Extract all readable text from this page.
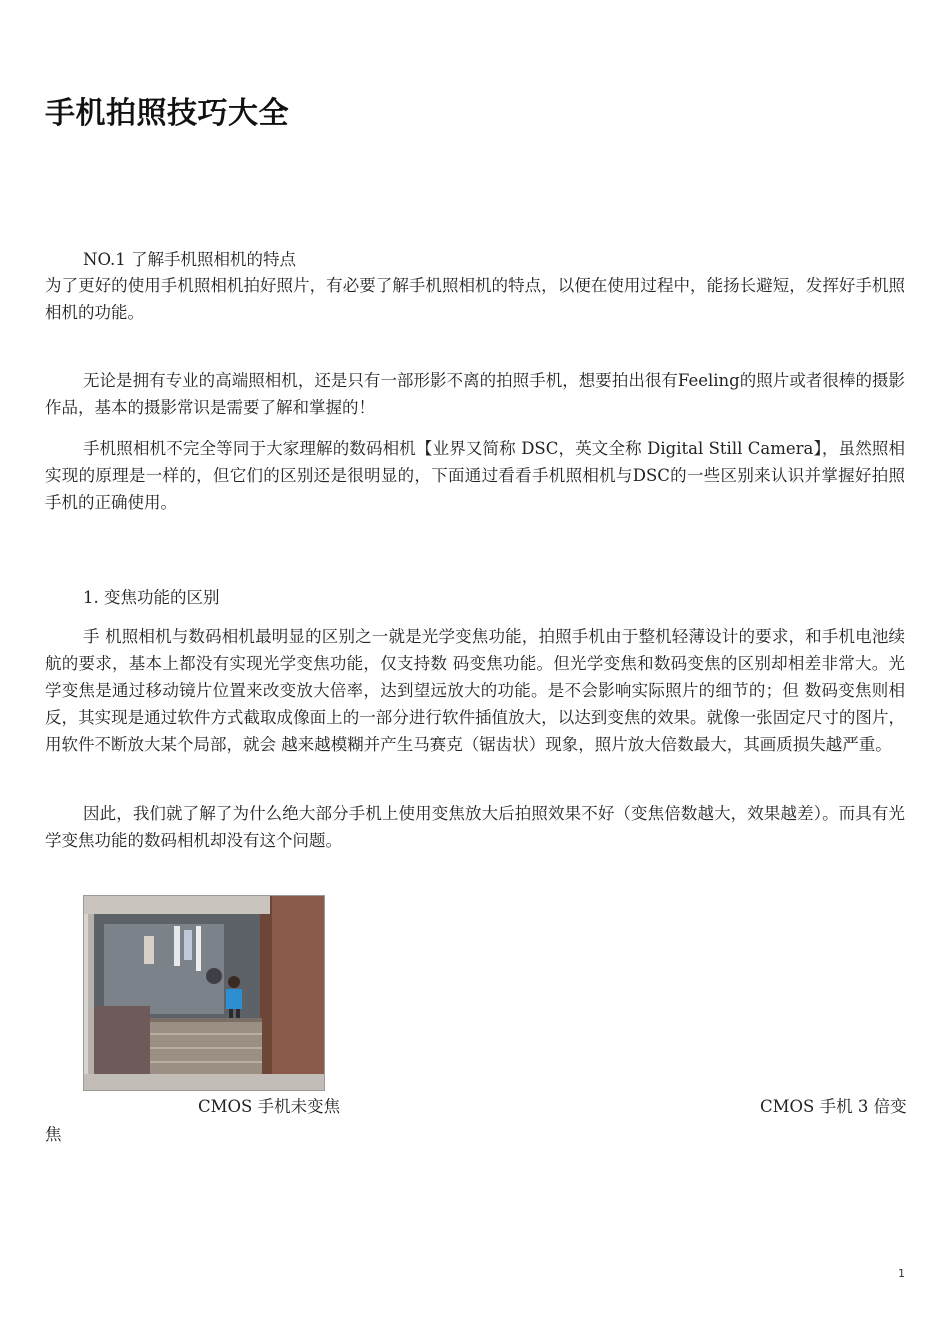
手机拍照技巧大全

NO.1 了解手机照相机的特点

为了更好的使用手机照相机拍好照片，有必要了解手机照相机的特点，以便在使用过程中，能扬长避短，发挥好手机照相机的功能。

无论是拥有专业的高端照相机，还是只有一部形影不离的拍照手机，想要拍出很有Feeling的照片或者很棒的摄影作品，基本的摄影常识是需要了解和掌握的！

手机照相机不完全等同于大家理解的数码相机【业界又简称 DSC，英文全称 Digital Still Camera】，虽然照相实现的原理是一样的，但它们的区别还是很明显的，下面通过看看手机照相机与DSC的一些区别来认识并掌握好拍照手机的正确使用。

1. 变焦功能的区别

手 机照相机与数码相机最明显的区别之一就是光学变焦功能，拍照手机由于整机轻薄设计的要求，和手机电池续航的要求，基本上都没有实现光学变焦功能，仅支持数 码变焦功能。但光学变焦和数码变焦的区别却相差非常大。光学变焦是通过移动镜片位置来改变放大倍率，达到望远放大的功能。是不会影响实际照片的细节的；但 数码变焦则相反，其实现是通过软件方式截取成像面上的一部分进行软件插值放大，以达到变焦的效果。就像一张固定尺寸的图片，用软件不断放大某个局部，就会 越来越模糊并产生马赛克（锯齿状）现象，照片放大倍数最大，其画质损失越严重。

因此，我们就了解了为什么绝大部分手机上使用变焦放大后拍照效果不好（变焦倍数越大，效果越差）。而具有光学变焦功能的数码相机却没有这个问题。

CMOS 手机未变焦	CMOS 手机 3 倍变

焦

1
